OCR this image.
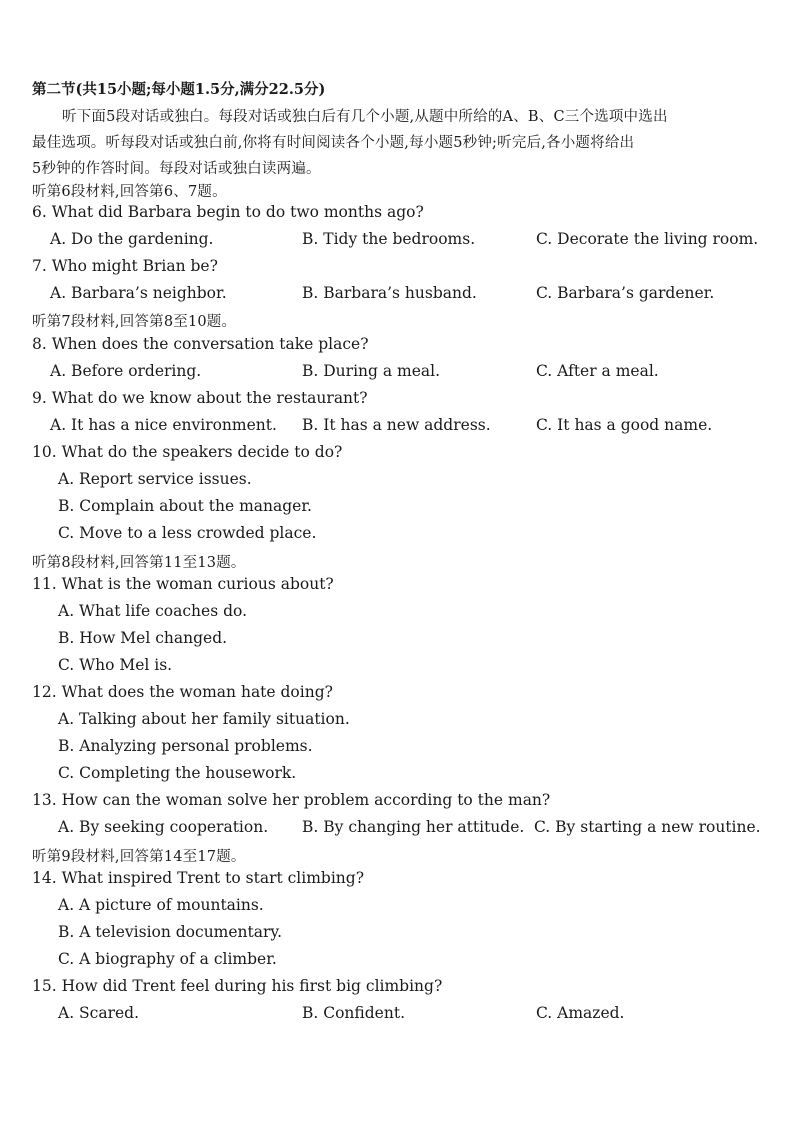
第二节(共15小题;每小题1.5分,满分22.5分)
听下面5段对话或独白。每段对话或独白后有几个小题,从题中所给的A、B、C三个选项中选出
最佳选项。听每段对话或独白前,你将有时间阅读各个小题,每小题5秒钟;听完后,各小题将给出
5秒钟的作答时间。每段对话或独白读两遍。
听第6段材料,回答第6、7题。
6. What did Barbara begin to do two months ago?
A. Do the gardening.	B. Tidy the bedrooms.	C. Decorate the living room.
7. Who might Brian be?
A. Barbara’s neighbor.	B. Barbara’s husband.	C. Barbara’s gardener.
听第7段材料,回答第8至10题。
8. When does the conversation take place?
A. Before ordering.	B. During a meal.	C. After a meal.
9. What do we know about the restaurant?
A. It has a nice environment. B. It has a new address.	C. It has a good name.
10. What do the speakers decide to do?
A. Report service issues.
B. Complain about the manager.
C. Move to a less crowded place.
听第8段材料,回答第11至13题。
11. What is the woman curious about?
A. What life coaches do.
B. How Mel changed.
C. Who Mel is.
12. What does the woman hate doing?
A. Talking about her family situation.
B. Analyzing personal problems.
C. Completing the housework.
13. How can the woman solve her problem according to the man?
A. By seeking cooperation. B. By changing her attitude. C. By starting a new routine.
听第9段材料,回答第14至17题。
14. What inspired Trent to start climbing?
A. A picture of mountains.
B. A television documentary.
C. A biography of a climber.
15. How did Trent feel during his first big climbing?
A. Scared.	B. Confident.	C. Amazed.
